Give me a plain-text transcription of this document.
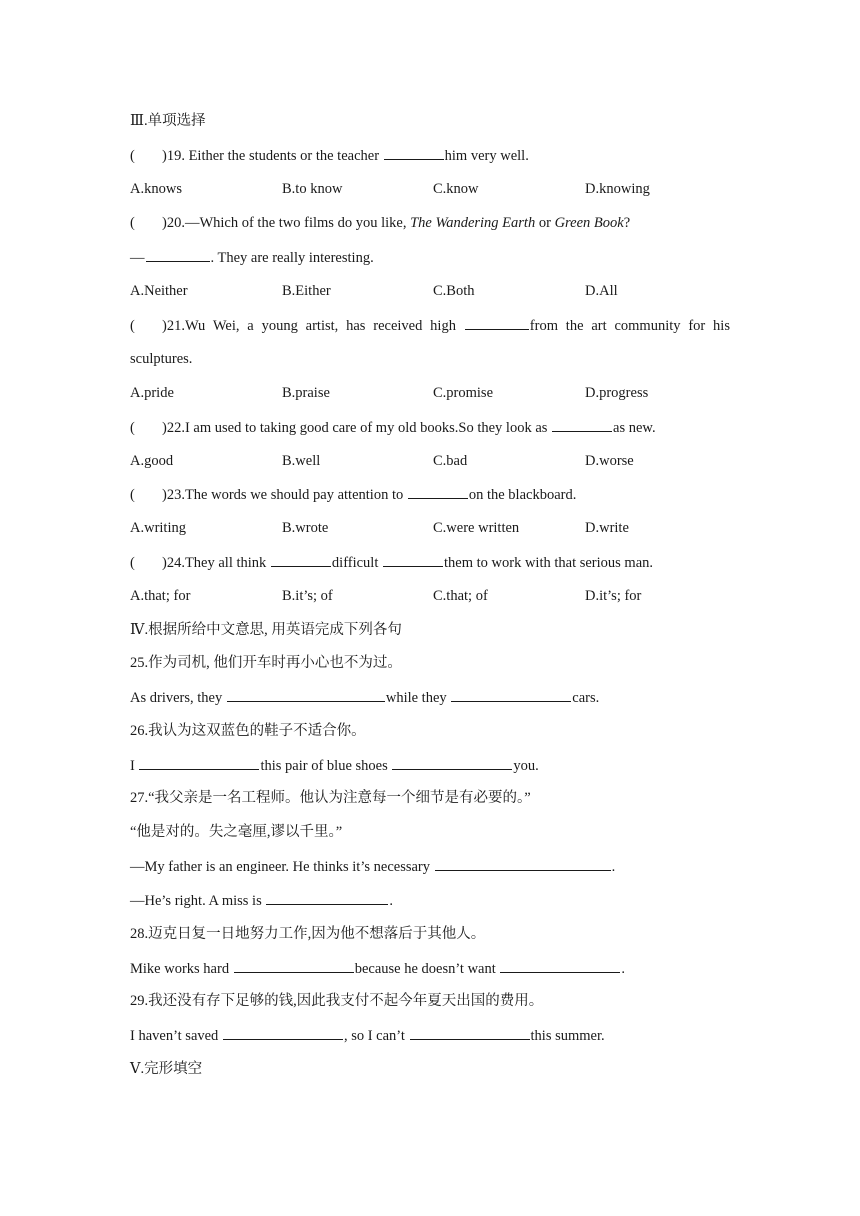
Ⅲ.单项选择
( )19. Either the students or the teacher	him very well.
A.knows	B.to know	C.know	D.knowing
( )20.—Which of the two films do you like, The Wandering Earth or Green Book?
—	. They are really interesting.
A.Neither	B.Either	C.Both	D.All
( )21.Wu Wei, a young artist, has received high	from the art community for his
sculptures.
A.pride	B.praise	C.promise	D.progress
( )22.I am used to taking good care of my old books.So they look as	as new.
A.good	B.well	C.bad	D.worse
( )23.The words we should pay attention to	on the blackboard.
A.writing	B.wrote	C.were written	D.write
( )24.They all think	difficult	them to work with that serious man.
A.that; for	B.it’s; of	C.that; of	D.it’s; for
Ⅳ.根据所给中文意思, 用英语完成下列各句
25.作为司机, 他们开车时再小心也不为过。
As drivers, they	while they	cars.
26.我认为这双蓝色的鞋子不适合你。
I	this pair of blue shoes	you.
27.“我父亲是一名工程师。他认为注意每一个细节是有必要的。”
“他是对的。失之毫厘,谬以千里。”
—My father is an engineer. He thinks it’s necessary	.
—He’s right. A miss is	.
28.迈克日复一日地努力工作,因为他不想落后于其他人。
Mike works hard	because he doesn’t want	.
29.我还没有存下足够的钱,因此我支付不起今年夏天出国的费用。
I haven’t saved	, so I can’t	this summer.
Ⅴ.完形填空
